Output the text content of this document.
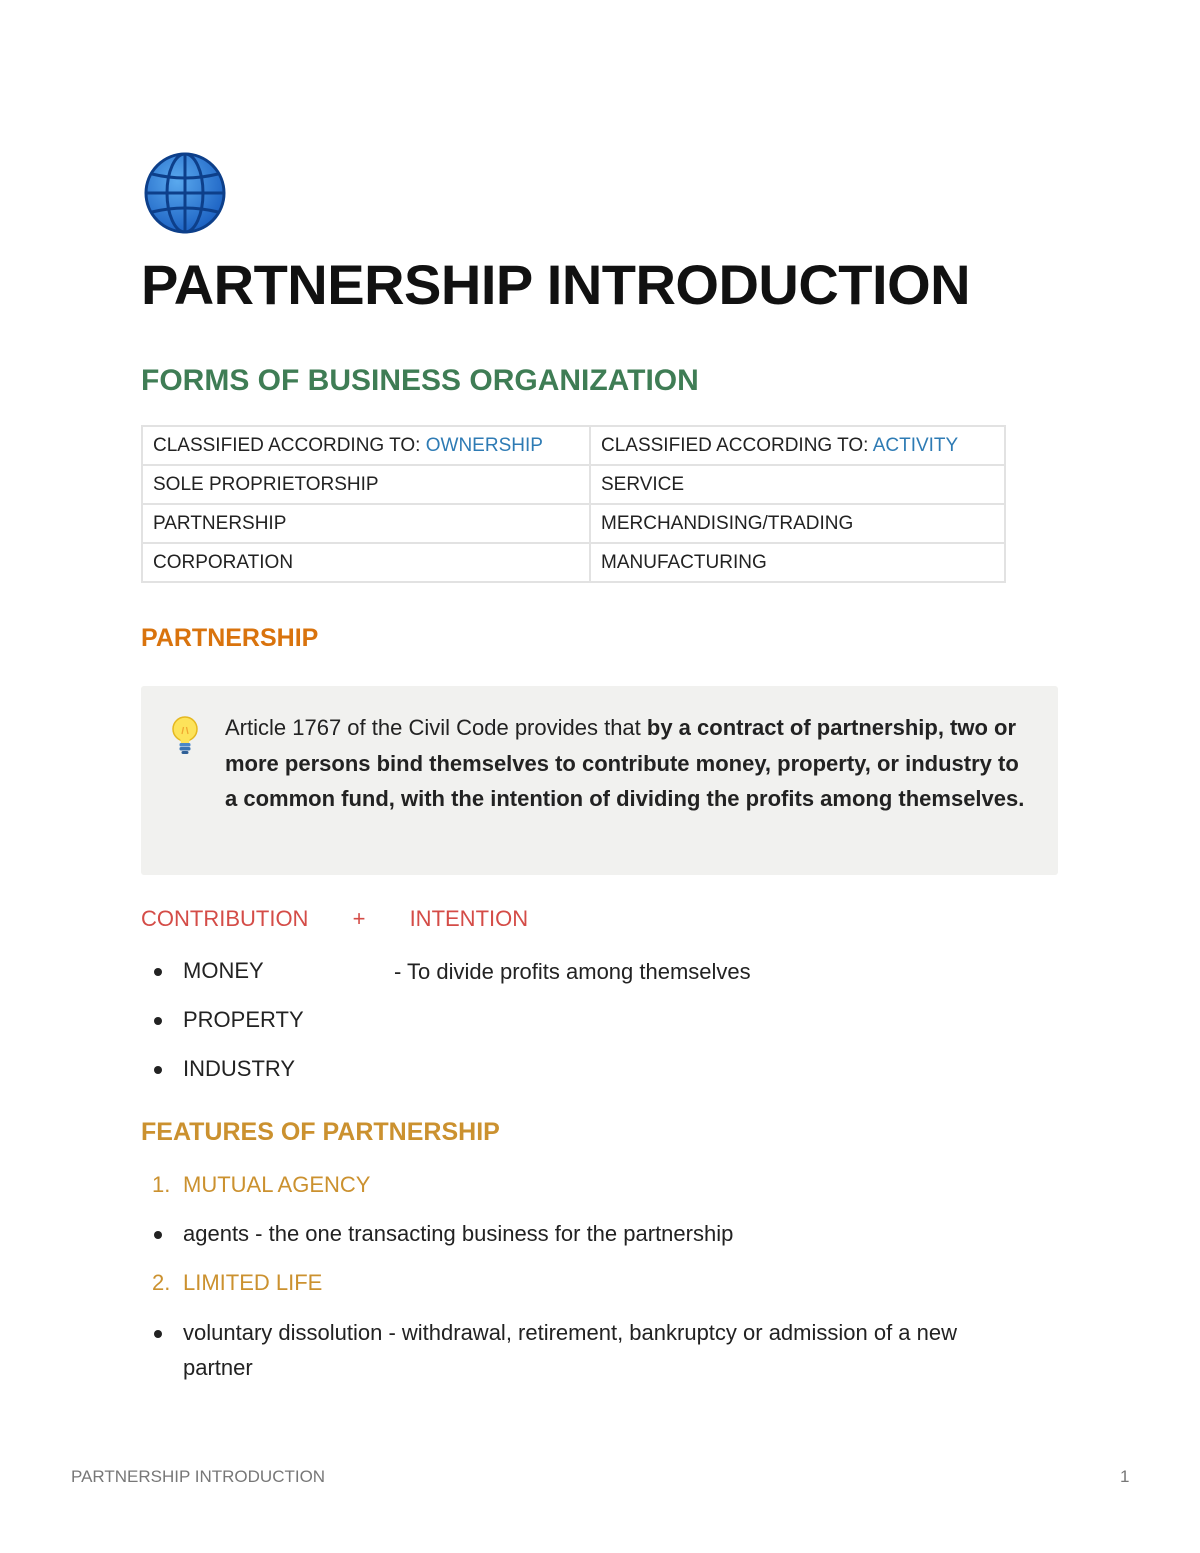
PARTNERSHIP INTRODUCTION
FORMS OF BUSINESS ORGANIZATION
CLASSIFIED ACCORDING TO: OWNERSHIP	CLASSIFIED ACCORDING TO: ACTIVITY
SOLE PROPRIETORSHIP	SERVICE
PARTNERSHIP	MERCHANDISING/TRADING
CORPORATION	MANUFACTURING
PARTNERSHIP
Article 1767 of the Civil Code provides that by a contract of partnership, two or more persons bind themselves to contribute money, property, or industry to a common fund, with the intention of dividing the profits among themselves.
CONTRIBUTION + INTENTION
MONEY
PROPERTY
INDUSTRY
- To divide profits among themselves
FEATURES OF PARTNERSHIP
1. MUTUAL AGENCY
agents - the one transacting business for the partnership
2. LIMITED LIFE
voluntary dissolution - withdrawal, retirement, bankruptcy or admission of a new
partner
PARTNERSHIP INTRODUCTION	1
